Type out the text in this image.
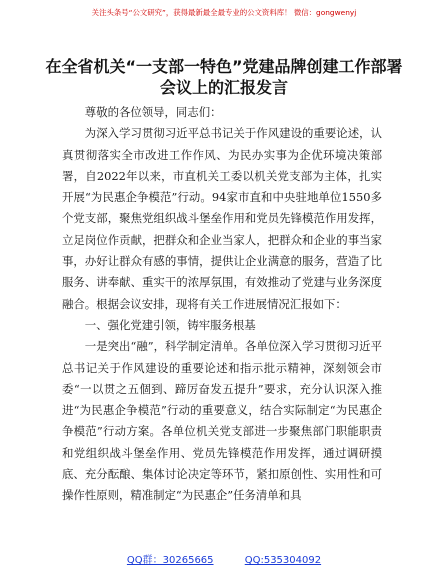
关注头条号“公文研究”，获得最新最全最专业的公文资料库！ 微信：gongwenyj
在全省机关“一支部一特色”党建品牌创建工作部署会议上的汇报发言

尊敬的各位领导，同志们：

为深入学习贯彻习近平总书记关于作风建设的重要论述，认真贯彻落实全市改进工作作风、为民办实事为企优环境决策部署，自2022年以来，市直机关工委以机关党支部为主体，扎实开展“为民惠企争模范”行动。94家市直和中央驻地单位1550多个党支部，聚焦党组织战斗堡垒作用和党员先锋模范作用发挥，立足岗位作贡献，把群众和企业当家人，把群众和企业的事当家事，办好让群众有感的事情，提供让企业满意的服务，营造了比服务、讲奉献、重实干的浓厚氛围，有效推动了党建与业务深度融合。根据会议安排，现将有关工作进展情况汇报如下：

一、强化党建引领，铸牢服务根基

一是突出“融”，科学制定清单。各单位深入学习贯彻习近平总书记关于作风建设的重要论述和指示批示精神，深刻领会市委“一以贯之五個到、蹄厉奋发五提升”要求，充分认识深入推进“为民惠企争模范”行动的重要意义，结合实际制定“为民惠企争模范”行动方案。各单位机关党支部进一步聚焦部门职能职责和党组织战斗堡垒作用、党员先锋模范作用发挥，通过调研摸底、充分酝酿、集体讨论决定等环节，紧扣原创性、实用性和可操作性原则，精准制定“为民惠企”任务清单和具

QQ群：30265665	QQ:535304092
